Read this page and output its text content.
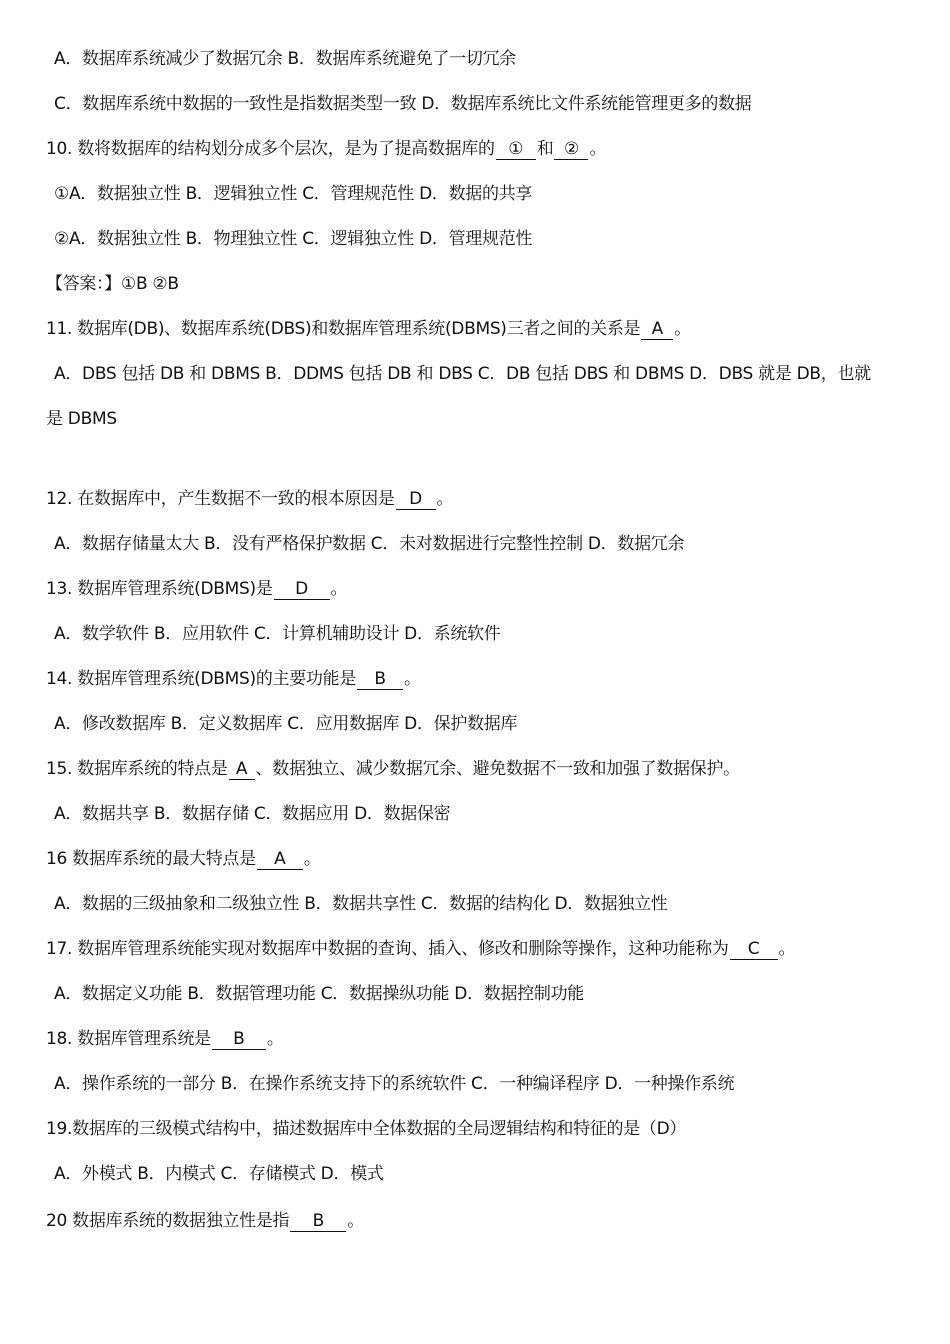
A．数据库系统减少了数据冗余 B．数据库系统避免了一切冗余
C．数据库系统中数据的一致性是指数据类型一致 D．数据库系统比文件系统能管理更多的数据
10. 数将数据库的结构划分成多个层次，是为了提高数据库的 ① 和 ② 。
①A．数据独立性 B．逻辑独立性 C．管理规范性 D．数据的共享
②A．数据独立性 B．物理独立性 C．逻辑独立性 D．管理规范性
【答案：】①B ②B
11. 数据库(DB)、数据库系统(DBS)和数据库管理系统(DBMS)三者之间的关系是 A 。
A．DBS 包括 DB 和 DBMS B．DDMS 包括 DB 和 DBS C．DB 包括 DBS 和 DBMS D．DBS 就是 DB，也就
是 DBMS
12. 在数据库中，产生数据不一致的根本原因是 D 。
A．数据存储量太大 B．没有严格保护数据 C．未对数据进行完整性控制 D．数据冗余
13. 数据库管理系统(DBMS)是 D 。
A．数学软件 B．应用软件 C．计算机辅助设计 D．系统软件
14. 数据库管理系统(DBMS)的主要功能是 B 。
A．修改数据库 B．定义数据库 C．应用数据库 D．保护数据库
15. 数据库系统的特点是 A 、数据独立、减少数据冗余、避免数据不一致和加强了数据保护。
A．数据共享 B．数据存储 C．数据应用 D．数据保密
16 数据库系统的最大特点是 A 。
A．数据的三级抽象和二级独立性 B．数据共享性 C．数据的结构化 D．数据独立性
17. 数据库管理系统能实现对数据库中数据的查询、插入、修改和删除等操作，这种功能称为 C 。
A．数据定义功能 B．数据管理功能 C．数据操纵功能 D．数据控制功能
18. 数据库管理系统是 B 。
A．操作系统的一部分 B．在操作系统支持下的系统软件 C．一种编译程序 D．一种操作系统
19.数据库的三级模式结构中，描述数据库中全体数据的全局逻辑结构和特征的是（D）
A．外模式 B．内模式 C．存储模式 D．模式
20 数据库系统的数据独立性是指 B 。
